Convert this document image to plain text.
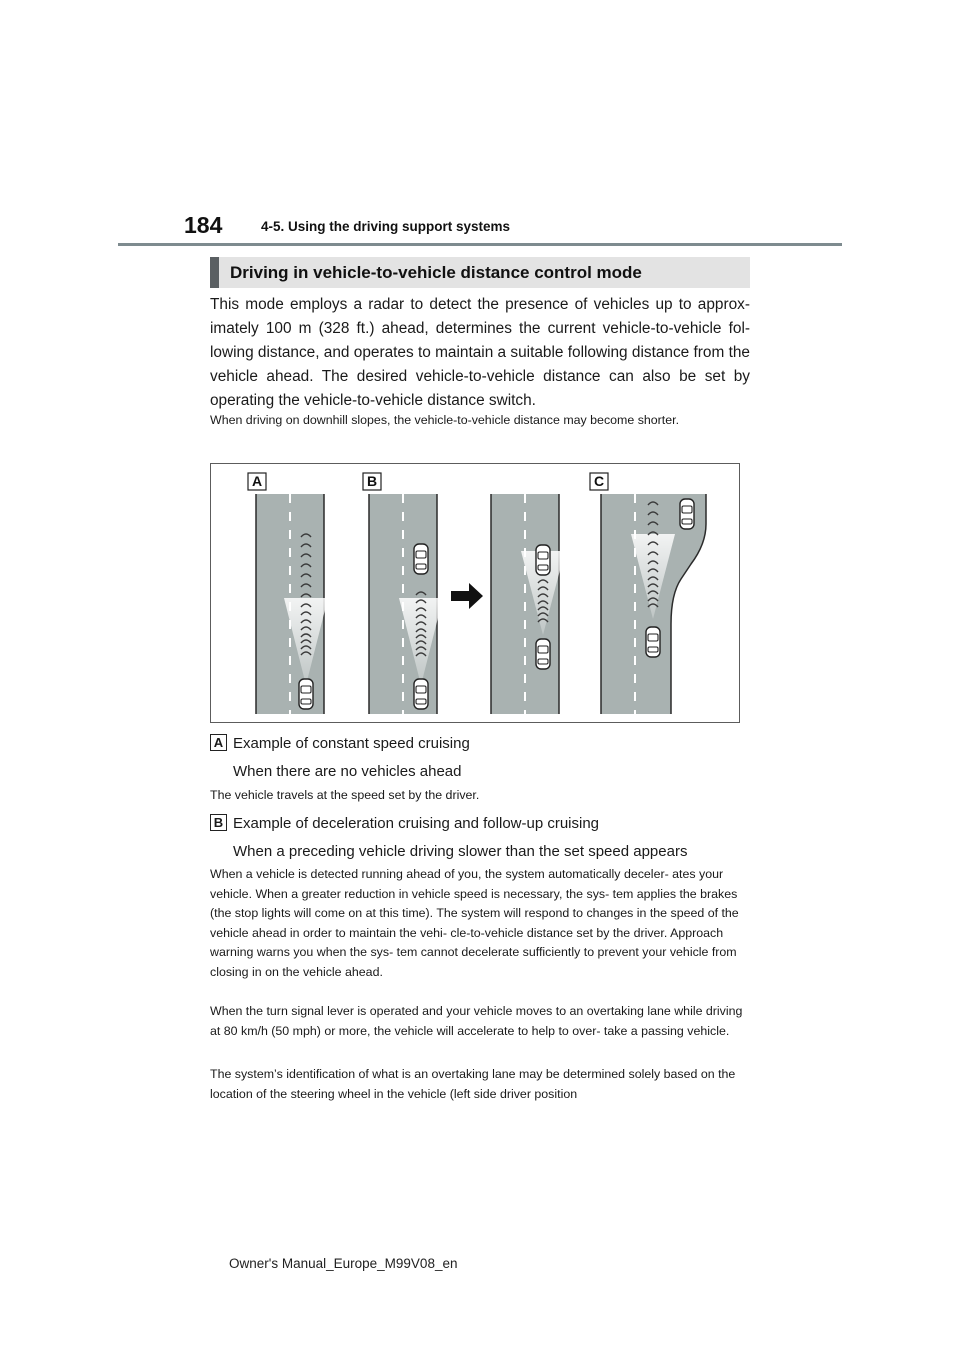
184	4-5. Using the driving support systems
Driving in vehicle-to-vehicle distance control mode

This mode employs a radar to detect the presence of vehicles up to approx- imately 100 m (328 ft.) ahead, determines the current vehicle-to-vehicle fol- lowing distance, and operates to maintain a suitable following distance from the vehicle ahead. The desired vehicle-to-vehicle distance can also be set by operating the vehicle-to-vehicle distance switch.

When driving on downhill slopes, the vehicle-to-vehicle distance may become shorter.

A	B	C
A Example of constant speed cruising
When there are no vehicles ahead

The vehicle travels at the speed set by the driver.

B Example of deceleration cruising and follow-up cruising
When a preceding vehicle driving slower than the set speed appears

When a vehicle is detected running ahead of you, the system automatically deceler- ates your vehicle. When a greater reduction in vehicle speed is necessary, the sys- tem applies the brakes (the stop lights will come on at this time). The system will respond to changes in the speed of the vehicle ahead in order to maintain the vehi- cle-to-vehicle distance set by the driver. Approach warning warns you when the sys- tem cannot decelerate sufficiently to prevent your vehicle from closing in on the vehicle ahead.

When the turn signal lever is operated and your vehicle moves to an overtaking lane while driving at 80 km/h (50 mph) or more, the vehicle will accelerate to help to over- take a passing vehicle.

The system’s identification of what is an overtaking lane may be determined solely based on the location of the steering wheel in the vehicle (left side driver position

Owner's Manual_Europe_M99V08_en
